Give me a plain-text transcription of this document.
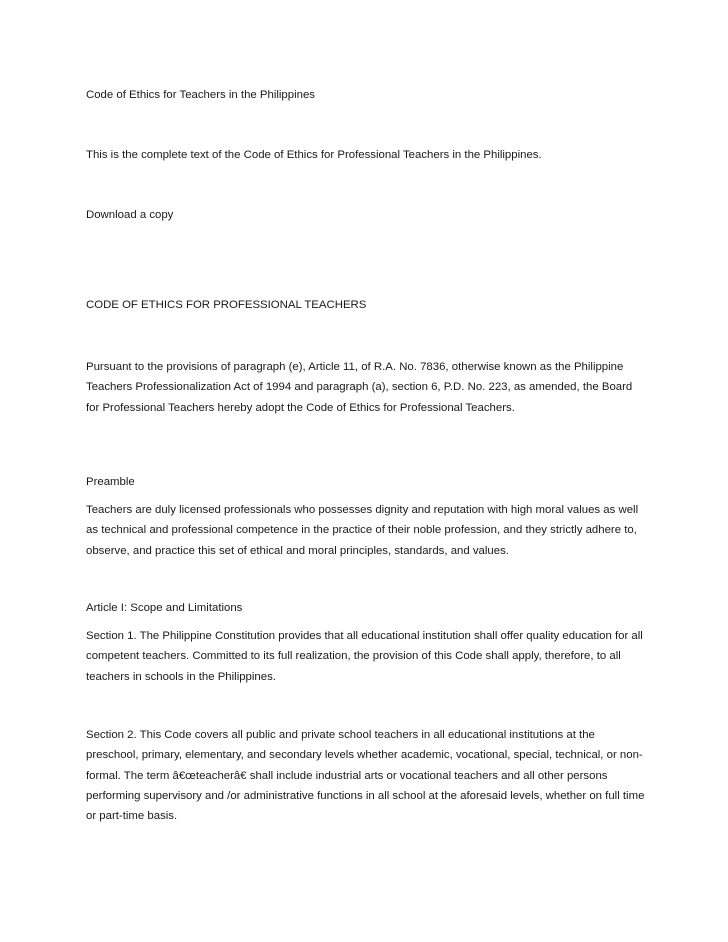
Code of Ethics for Teachers in the Philippines

This is the complete text of the Code of Ethics for Professional Teachers in the Philippines.

Download a copy

CODE OF ETHICS FOR PROFESSIONAL TEACHERS

Pursuant to the provisions of paragraph (e), Article 11, of R.A. No. 7836, otherwise known as the Philippine Teachers Professionalization Act of 1994 and paragraph (a), section 6, P.D. No. 223, as amended, the Board for Professional Teachers hereby adopt the Code of Ethics for Professional Teachers.

Preamble

Teachers are duly licensed professionals who possesses dignity and reputation with high moral values as well as technical and professional competence in the practice of their noble profession, and they strictly adhere to, observe, and practice this set of ethical and moral principles, standards, and values.

Article I: Scope and Limitations

Section 1. The Philippine Constitution provides that all educational institution shall offer quality education for all competent teachers. Committed to its full realization, the provision of this Code shall apply, therefore, to all teachers in schools in the Philippines.

Section 2. This Code covers all public and private school teachers in all educational institutions at the preschool, primary, elementary, and secondary levels whether academic, vocational, special, technical, or non-formal. The term â€œteacherâ€ shall include industrial arts or vocational teachers and all other persons performing supervisory and /or administrative functions in all school at the aforesaid levels, whether on full time or part-time basis.
